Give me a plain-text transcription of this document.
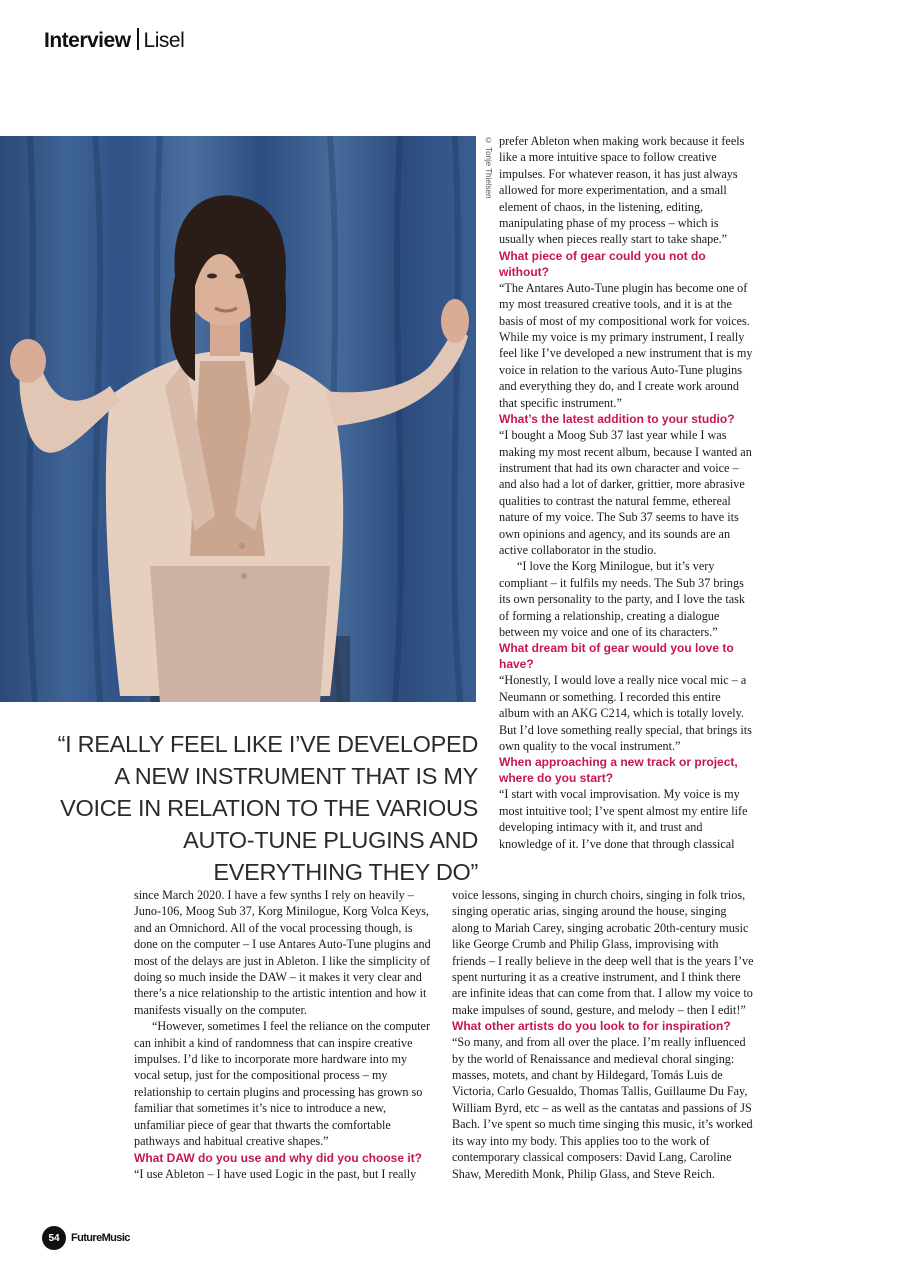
Interview Lisel
© Tonje Thielsen prefer Ableton when making work because it feels like a more intuitive space to follow creative impulses. For whatever reason, it has just always allowed for more experimentation, and a small element of chaos, in the listening, editing, manipulating phase of my process – which is usually when pieces really start to take shape.”

What piece of gear could you not do without?

“The Antares Auto-Tune plugin has become one of my most treasured creative tools, and it is at the basis of most of my compositional work for voices. While my voice is my primary instrument, I really feel like I’ve developed a new instrument that is my voice in relation to the various Auto-Tune plugins and everything they do, and I create work around that specific instrument.”

What’s the latest addition to your studio?

“I bought a Moog Sub 37 last year while I was making my most recent album, because I wanted an instrument that had its own character and voice – and also had a lot of darker, grittier, more abrasive qualities to contrast the natural femme, ethereal nature of my voice. The Sub 37 seems to have its own opinions and agency, and its sounds are an active collaborator in the studio.

“I love the Korg Minilogue, but it’s very compliant – it fulfils my needs. The Sub 37 brings its own personality to the party, and I love the task of forming a relationship, creating a dialogue between my voice and one of its characters.”

What dream bit of gear would you love to have?

“Honestly, I would love a really nice vocal mic – a Neumann or something. I recorded this entire album with an AKG C214, which is totally lovely. But I’d love something really special, that brings its own quality to the vocal instrument.”

When approaching a new track or project, where do you start?

“I start with vocal improvisation. My voice is my most intuitive tool; I’ve spent almost my entire life developing intimacy with it, and trust and knowledge of it. I’ve done that through classical

“I REALLY FEEL LIKE I’VE DEVELOPED A NEW INSTRUMENT THAT IS MY VOICE IN RELATION TO THE VARIOUS AUTO-TUNE PLUGINS AND EVERYTHING THEY DO”

since March 2020. I have a few synths I rely on heavily – Juno-106, Moog Sub 37, Korg Minilogue, Korg Volca Keys, and an Omnichord. All of the vocal processing though, is done on the computer – I use Antares Auto-Tune plugins and most of the delays are just in Ableton. I like the simplicity of doing so much inside the DAW – it makes it very clear and there’s a nice relationship to the artistic intention and how it manifests visually on the computer.

“However, sometimes I feel the reliance on the computer can inhibit a kind of randomness that can inspire creative impulses. I’d like to incorporate more hardware into my vocal setup, just for the compositional process – my relationship to certain plugins and processing has grown so familiar that sometimes it’s nice to introduce a new, unfamiliar piece of gear that thwarts the comfortable pathways and habitual creative shapes.”

What DAW do you use and why did you choose it?

“I use Ableton – I have used Logic in the past, but I really

voice lessons, singing in church choirs, singing in folk trios, singing operatic arias, singing around the house, singing along to Mariah Carey, singing acrobatic 20th-century music like George Crumb and Philip Glass, improvising with friends – I really believe in the deep well that is the years I’ve spent nurturing it as a creative instrument, and I think there are infinite ideas that can come from that. I allow my voice to make impulses of sound, gesture, and melody – then I edit!”

What other artists do you look to for inspiration?

“So many, and from all over the place. I’m really influenced by the world of Renaissance and medieval choral singing: masses, motets, and chant by Hildegard, Tomás Luis de Victoria, Carlo Gesualdo, Thomas Tallis, Guillaume Du Fay, William Byrd, etc – as well as the cantatas and passions of JS Bach. I’ve spent so much time singing this music, it’s worked its way into my body. This applies too to the work of contemporary classical composers: David Lang, Caroline Shaw, Meredith Monk, Philip Glass, and Steve Reich.

54	FutureMusic
